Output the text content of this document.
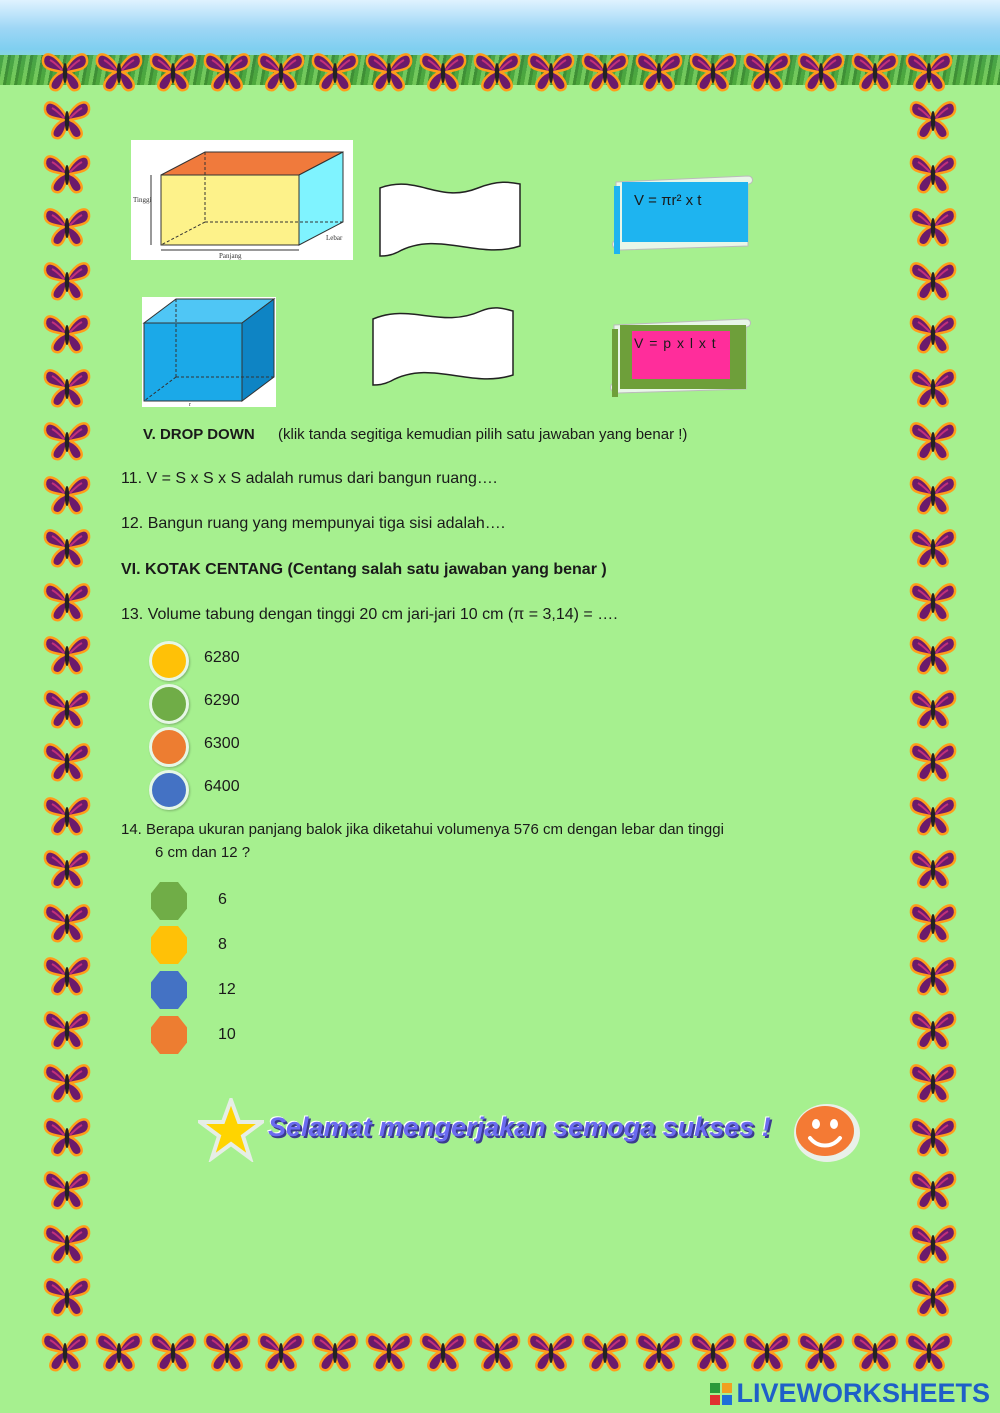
Tinggi
Panjang
Lebar
V = πr² x t
r
V = p x l x t
V. DROP DOWN (klik tanda segitiga kemudian pilih satu jawaban yang benar !)
11. V = S x S x S adalah rumus dari bangun ruang….
12. Bangun ruang yang mempunyai tiga sisi adalah….
VI. KOTAK CENTANG (Centang salah satu jawaban yang benar )
13. Volume tabung dengan tinggi 20 cm jari-jari 10 cm (π = 3,14) = ….
6280
6290
6300
6400
14. Berapa ukuran panjang balok jika diketahui volumenya 576 cm dengan lebar dan tinggi
6 cm dan 12 ?
6
8
12
10
Selamat mengerjakan semoga sukses !
LIVEWORKSHEETS
